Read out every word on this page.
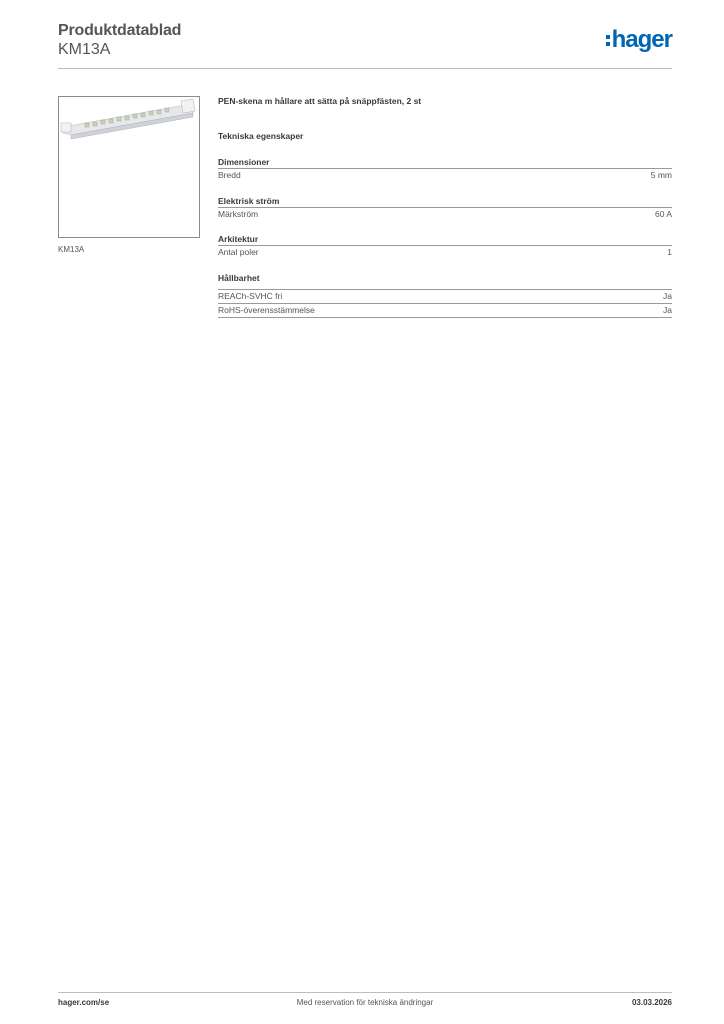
Produktdatablad
KM13A	hager
KM13A
PEN-skena m hållare att sätta på snäppfästen, 2 st
Tekniska egenskaper
Dimensioner
Bredd	5 mm
Elektrisk ström
Märkström	60 A
Arkitektur
Antal poler	1
Hållbarhet
REACh-SVHC fri	Ja
RoHS-överensstämmelse	Ja
hager.com/se	Med reservation för tekniska ändringar	03.03.2026
